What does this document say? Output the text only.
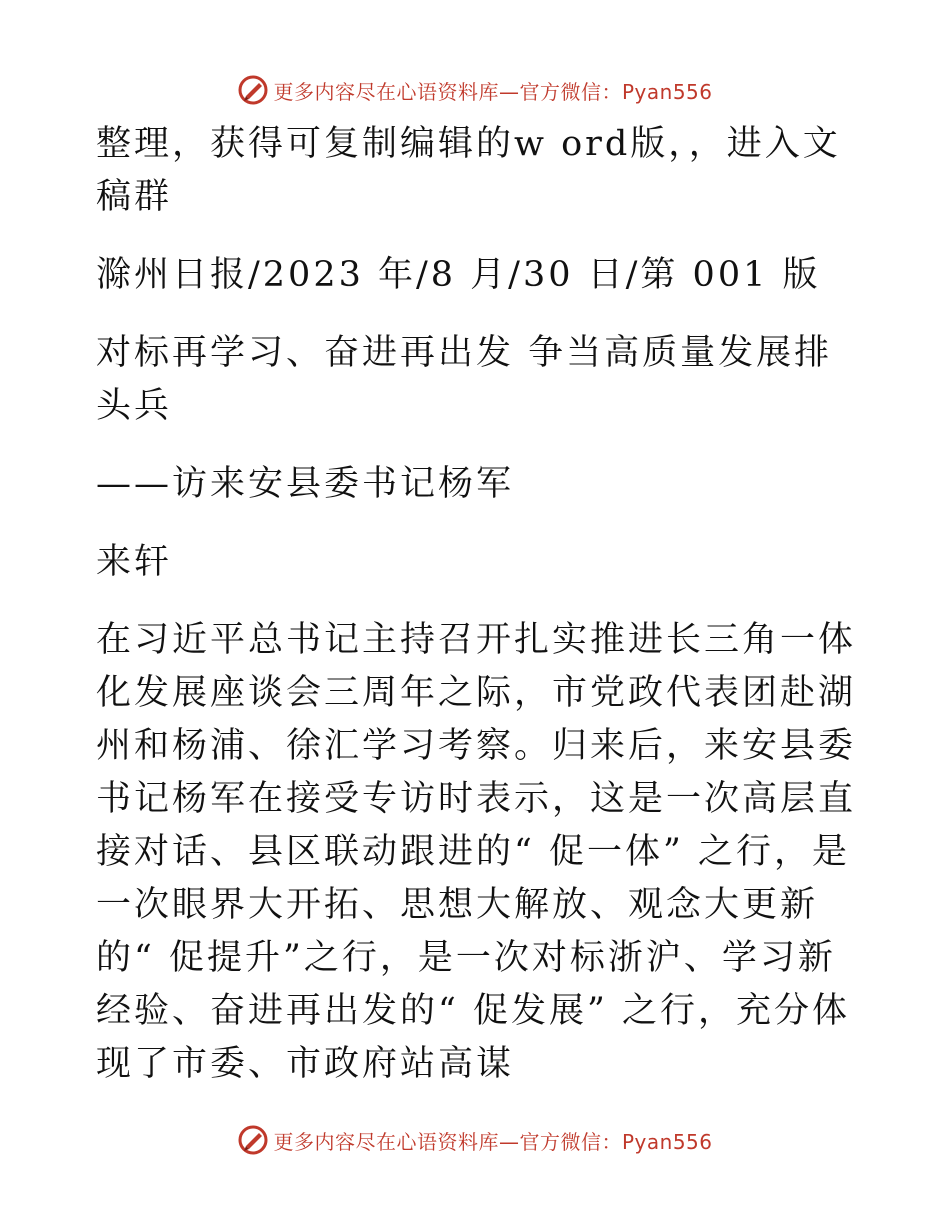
更多内容尽在心语资料库—官方微信：Pyan556

整理，获得可复制编辑的w ord版，，进入文稿群

滁州日报/2023 年/8 月/30 日/第 001 版

对标再学习、奋进再出发 争当高质量发展排头兵

——访来安县委书记杨军

来轩

在习近平总书记主持召开扎实推进长三角一体化发展座谈会三周年之际，市党政代表团赴湖州和杨浦、徐汇学习考察。归来后，来安县委书记杨军在接受专访时表示，这是一次高层直接对话、县区联动跟进的“ 促一体” 之行，是一次眼界大开拓、思想大解放、观念大更新的“ 促提升”之行，是一次对标浙沪、学习新经验、奋进再出发的“ 促发展” 之行，充分体现了市委、市政府站高谋

更多内容尽在心语资料库—官方微信：Pyan556
